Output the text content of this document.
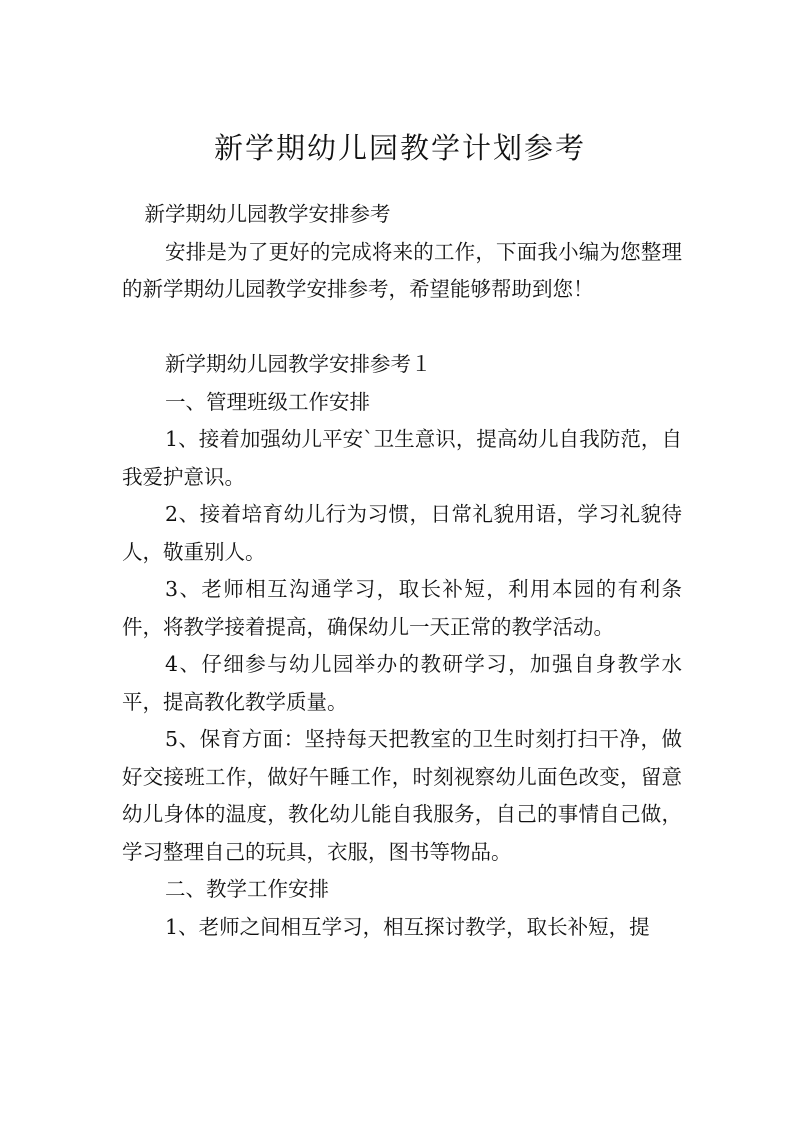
新学期幼儿园教学计划参考

新学期幼儿园教学安排参考

安排是为了更好的完成将来的工作，下面我小编为您整理的新学期幼儿园教学安排参考，希望能够帮助到您！

新学期幼儿园教学安排参考１

一、管理班级工作安排

1、接着加强幼儿平安`卫生意识，提高幼儿自我防范，自我爱护意识。

2、接着培育幼儿行为习惯，日常礼貌用语，学习礼貌待人，敬重别人。

3、老师相互沟通学习，取长补短，利用本园的有利条件，将教学接着提高，确保幼儿一天正常的教学活动。

4、仔细参与幼儿园举办的教研学习，加强自身教学水平，提高教化教学质量。

5、保育方面：坚持每天把教室的卫生时刻打扫干净，做好交接班工作，做好午睡工作，时刻视察幼儿面色改变，留意幼儿身体的温度，教化幼儿能自我服务，自己的事情自己做，学习整理自己的玩具，衣服，图书等物品。

二、教学工作安排

1、老师之间相互学习，相互探讨教学，取长补短，提
